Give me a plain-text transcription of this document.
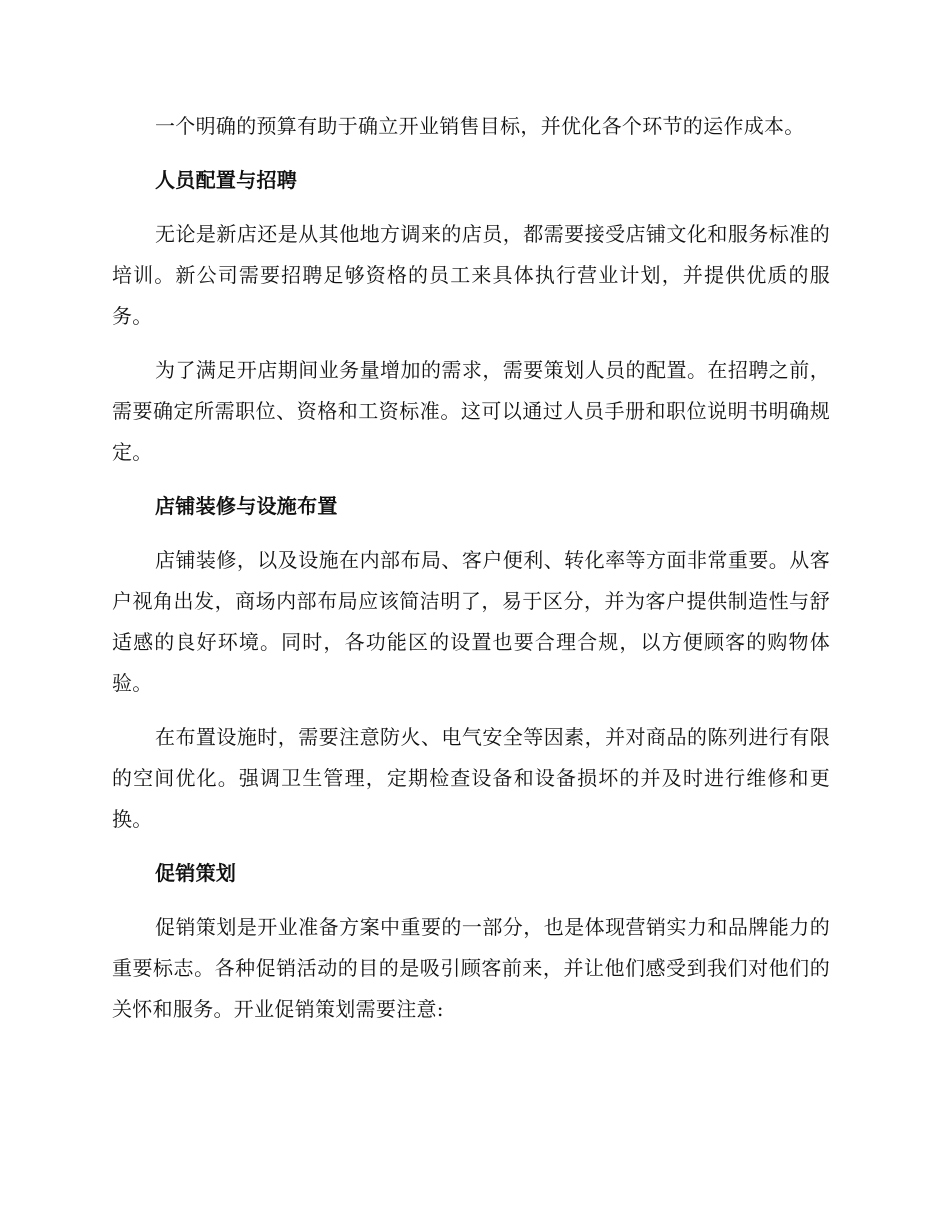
一个明确的预算有助于确立开业销售目标，并优化各个环节的运作成本。

人员配置与招聘

无论是新店还是从其他地方调来的店员，都需要接受店铺文化和服务标准的培训。新公司需要招聘足够资格的员工来具体执行营业计划，并提供优质的服务。

为了满足开店期间业务量增加的需求，需要策划人员的配置。在招聘之前，需要确定所需职位、资格和工资标准。这可以通过人员手册和职位说明书明确规定。

店铺装修与设施布置

店铺装修，以及设施在内部布局、客户便利、转化率等方面非常重要。从客户视角出发，商场内部布局应该简洁明了，易于区分，并为客户提供制造性与舒适感的良好环境。同时，各功能区的设置也要合理合规，以方便顾客的购物体验。

在布置设施时，需要注意防火、电气安全等因素，并对商品的陈列进行有限的空间优化。强调卫生管理，定期检查设备和设备损坏的并及时进行维修和更换。

促销策划

促销策划是开业准备方案中重要的一部分，也是体现营销实力和品牌能力的重要标志。各种促销活动的目的是吸引顾客前来，并让他们感受到我们对他们的关怀和服务。开业促销策划需要注意:
